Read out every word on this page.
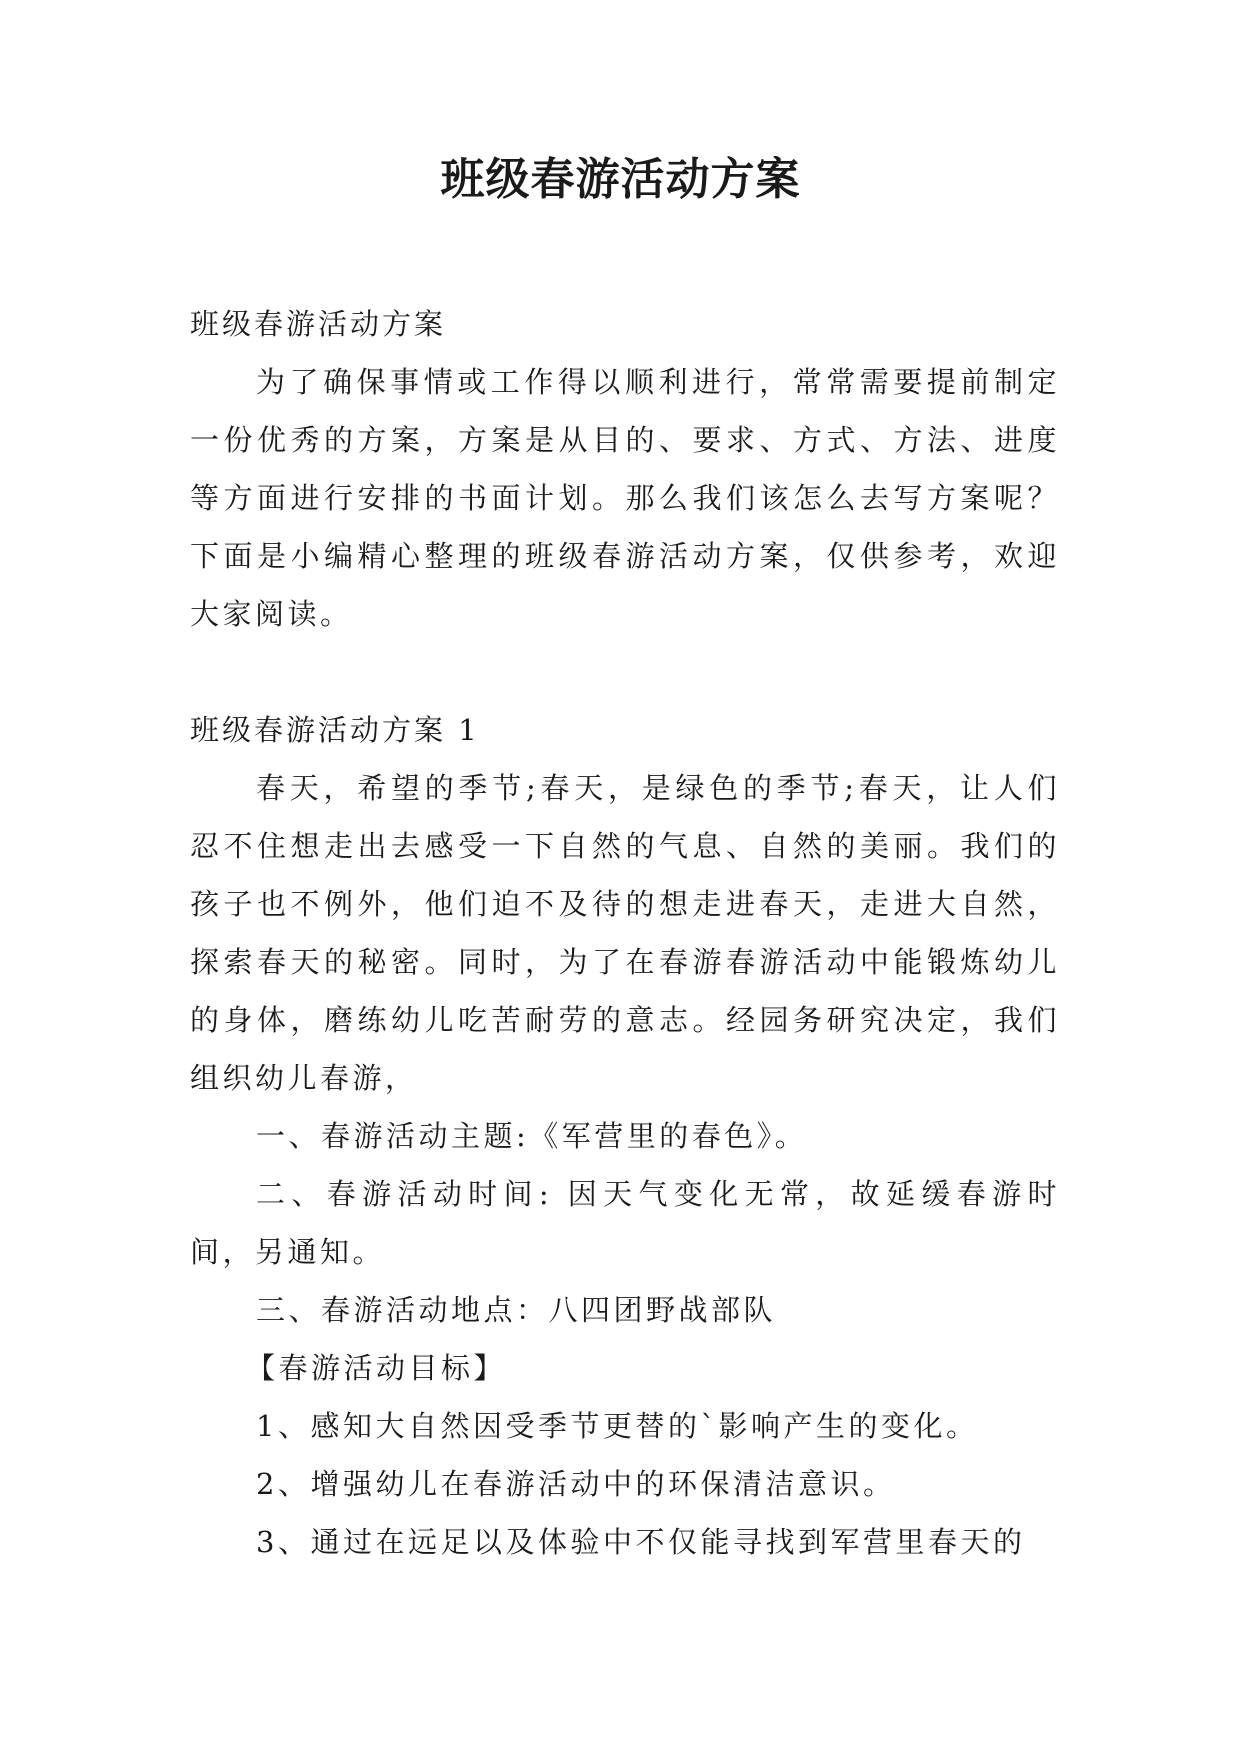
班级春游活动方案

班级春游活动方案

为了确保事情或工作得以顺利进行，常常需要提前制定一份优秀的方案，方案是从目的、要求、方式、方法、进度等方面进行安排的书面计划。那么我们该怎么去写方案呢？下面是小编精心整理的班级春游活动方案，仅供参考，欢迎大家阅读。

班级春游活动方案 1

春天，希望的季节;春天，是绿色的季节;春天，让人们忍不住想走出去感受一下自然的气息、自然的美丽。我们的孩子也不例外，他们迫不及待的想走进春天，走进大自然，探索春天的秘密。同时，为了在春游春游活动中能锻炼幼儿的身体，磨练幼儿吃苦耐劳的意志。经园务研究决定，我们组织幼儿春游，

一、春游活动主题:《军营里的春色》。

二、春游活动时间: 因天气变化无常，故延缓春游时间，另通知。

三、春游活动地点：八四团野战部队

【春游活动目标】

1、感知大自然因受季节更替的`影响产生的变化。

2、增强幼儿在春游活动中的环保清洁意识。

3、通过在远足以及体验中不仅能寻找到军营里春天的
